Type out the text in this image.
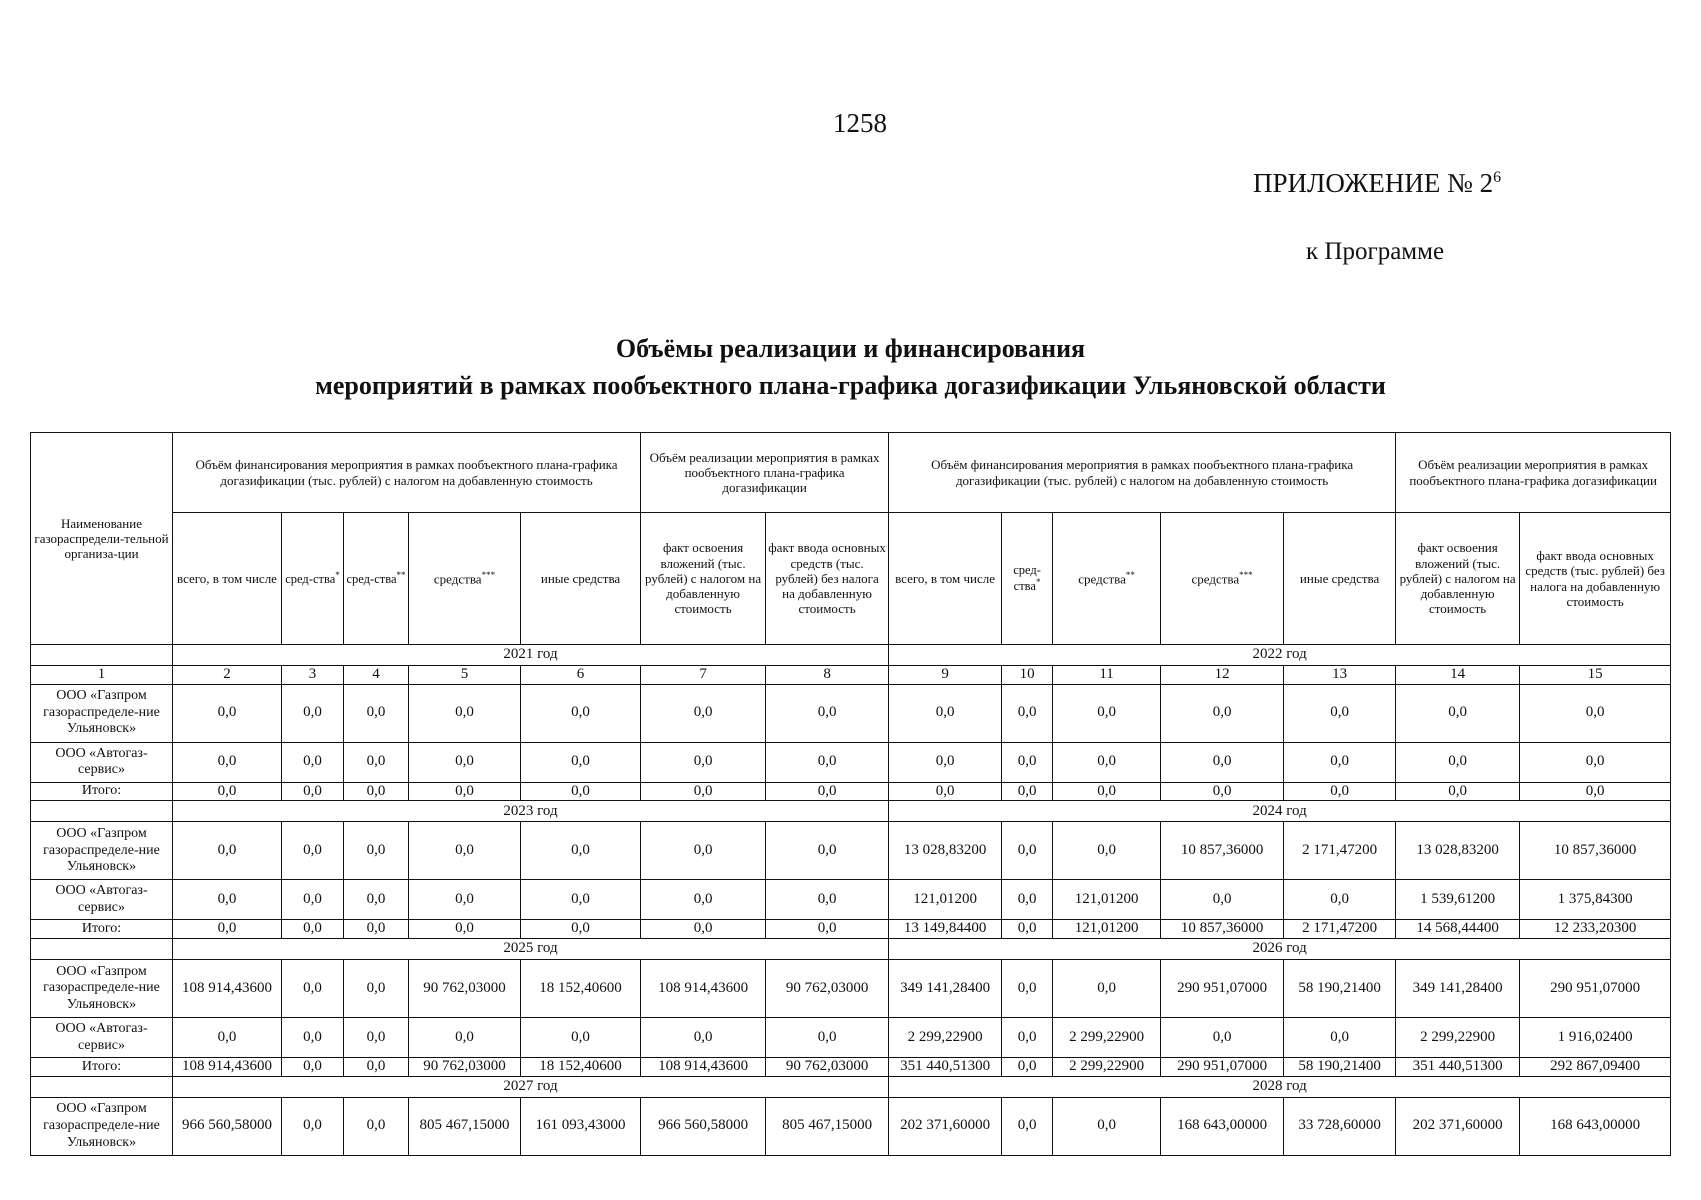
1258
ПРИЛОЖЕНИЕ № $2^6$
к Программе
Объёмы реализации и финансирования
мероприятий в рамках пообъектного плана-графика догазификации Ульяновской области
Наименование газораспредели-тельной организа-ции	Объём финансирования мероприятия в рамках пообъектного плана-графика догазификации (тыс. рублей) с налогом на добавленную стоимость					Объём реализации мероприятия в рамках пообъектного плана-графика догазификации		Объём финансирования мероприятия в рамках пообъектного плана-графика догазификации (тыс. рублей) с налогом на добавленную стоимость					Объём реализации мероприятия в рамках пообъектного плана-графика догазификации	
	всего, в том числе	сред-ства*	сред-ства**	средства***	иные средства	факт освоения вложений (тыс. рублей) с налогом на добавленную стоимость	факт ввода основных средств (тыс. рублей) без налога на добавленную стоимость	всего, в том числе	сред-ства*	средства**	средства***	иные средства	факт освоения вложений (тыс. рублей) с налогом на добавленную стоимость	факт ввода основных средств (тыс. рублей) без налога на добавленную стоимость
	2021 год							2022 год						
1	2	3	4	5	6	7	8	9	10	11	12	13	14	15
ООО «Газпром газораспределе-ние Ульяновск»	0,0	0,0	0,0	0,0	0,0	0,0	0,0	0,0	0,0	0,0	0,0	0,0	0,0	0,0
ООО «Автогаз-сервис»	0,0	0,0	0,0	0,0	0,0	0,0	0,0	0,0	0,0	0,0	0,0	0,0	0,0	0,0
Итого:	0,0	0,0	0,0	0,0	0,0	0,0	0,0	0,0	0,0	0,0	0,0	0,0	0,0	0,0
	2023 год							2024 год						
ООО «Газпром газораспределе-ние Ульяновск»	0,0	0,0	0,0	0,0	0,0	0,0	0,0	13 028,83200	0,0	0,0	10 857,36000	2 171,47200	13 028,83200	10 857,36000
ООО «Автогаз-сервис»	0,0	0,0	0,0	0,0	0,0	0,0	0,0	121,01200	0,0	121,01200	0,0	0,0	1 539,61200	1 375,84300
Итого:	0,0	0,0	0,0	0,0	0,0	0,0	0,0	13 149,84400	0,0	121,01200	10 857,36000	2 171,47200	14 568,44400	12 233,20300
	2025 год							2026 год						
ООО «Газпром газораспределе-ние Ульяновск»	108 914,43600	0,0	0,0	90 762,03000	18 152,40600	108 914,43600	90 762,03000	349 141,28400	0,0	0,0	290 951,07000	58 190,21400	349 141,28400	290 951,07000
ООО «Автогаз-сервис»	0,0	0,0	0,0	0,0	0,0	0,0	0,0	2 299,22900	0,0	2 299,22900	0,0	0,0	2 299,22900	1 916,02400
Итого:	108 914,43600	0,0	0,0	90 762,03000	18 152,40600	108 914,43600	90 762,03000	351 440,51300	0,0	2 299,22900	290 951,07000	58 190,21400	351 440,51300	292 867,09400
	2027 год							2028 год						
ООО «Газпром газораспределе-ние Ульяновск»	966 560,58000	0,0	0,0	805 467,15000	161 093,43000	966 560,58000	805 467,15000	202 371,60000	0,0	0,0	168 643,00000	33 728,60000	202 371,60000	168 643,00000
